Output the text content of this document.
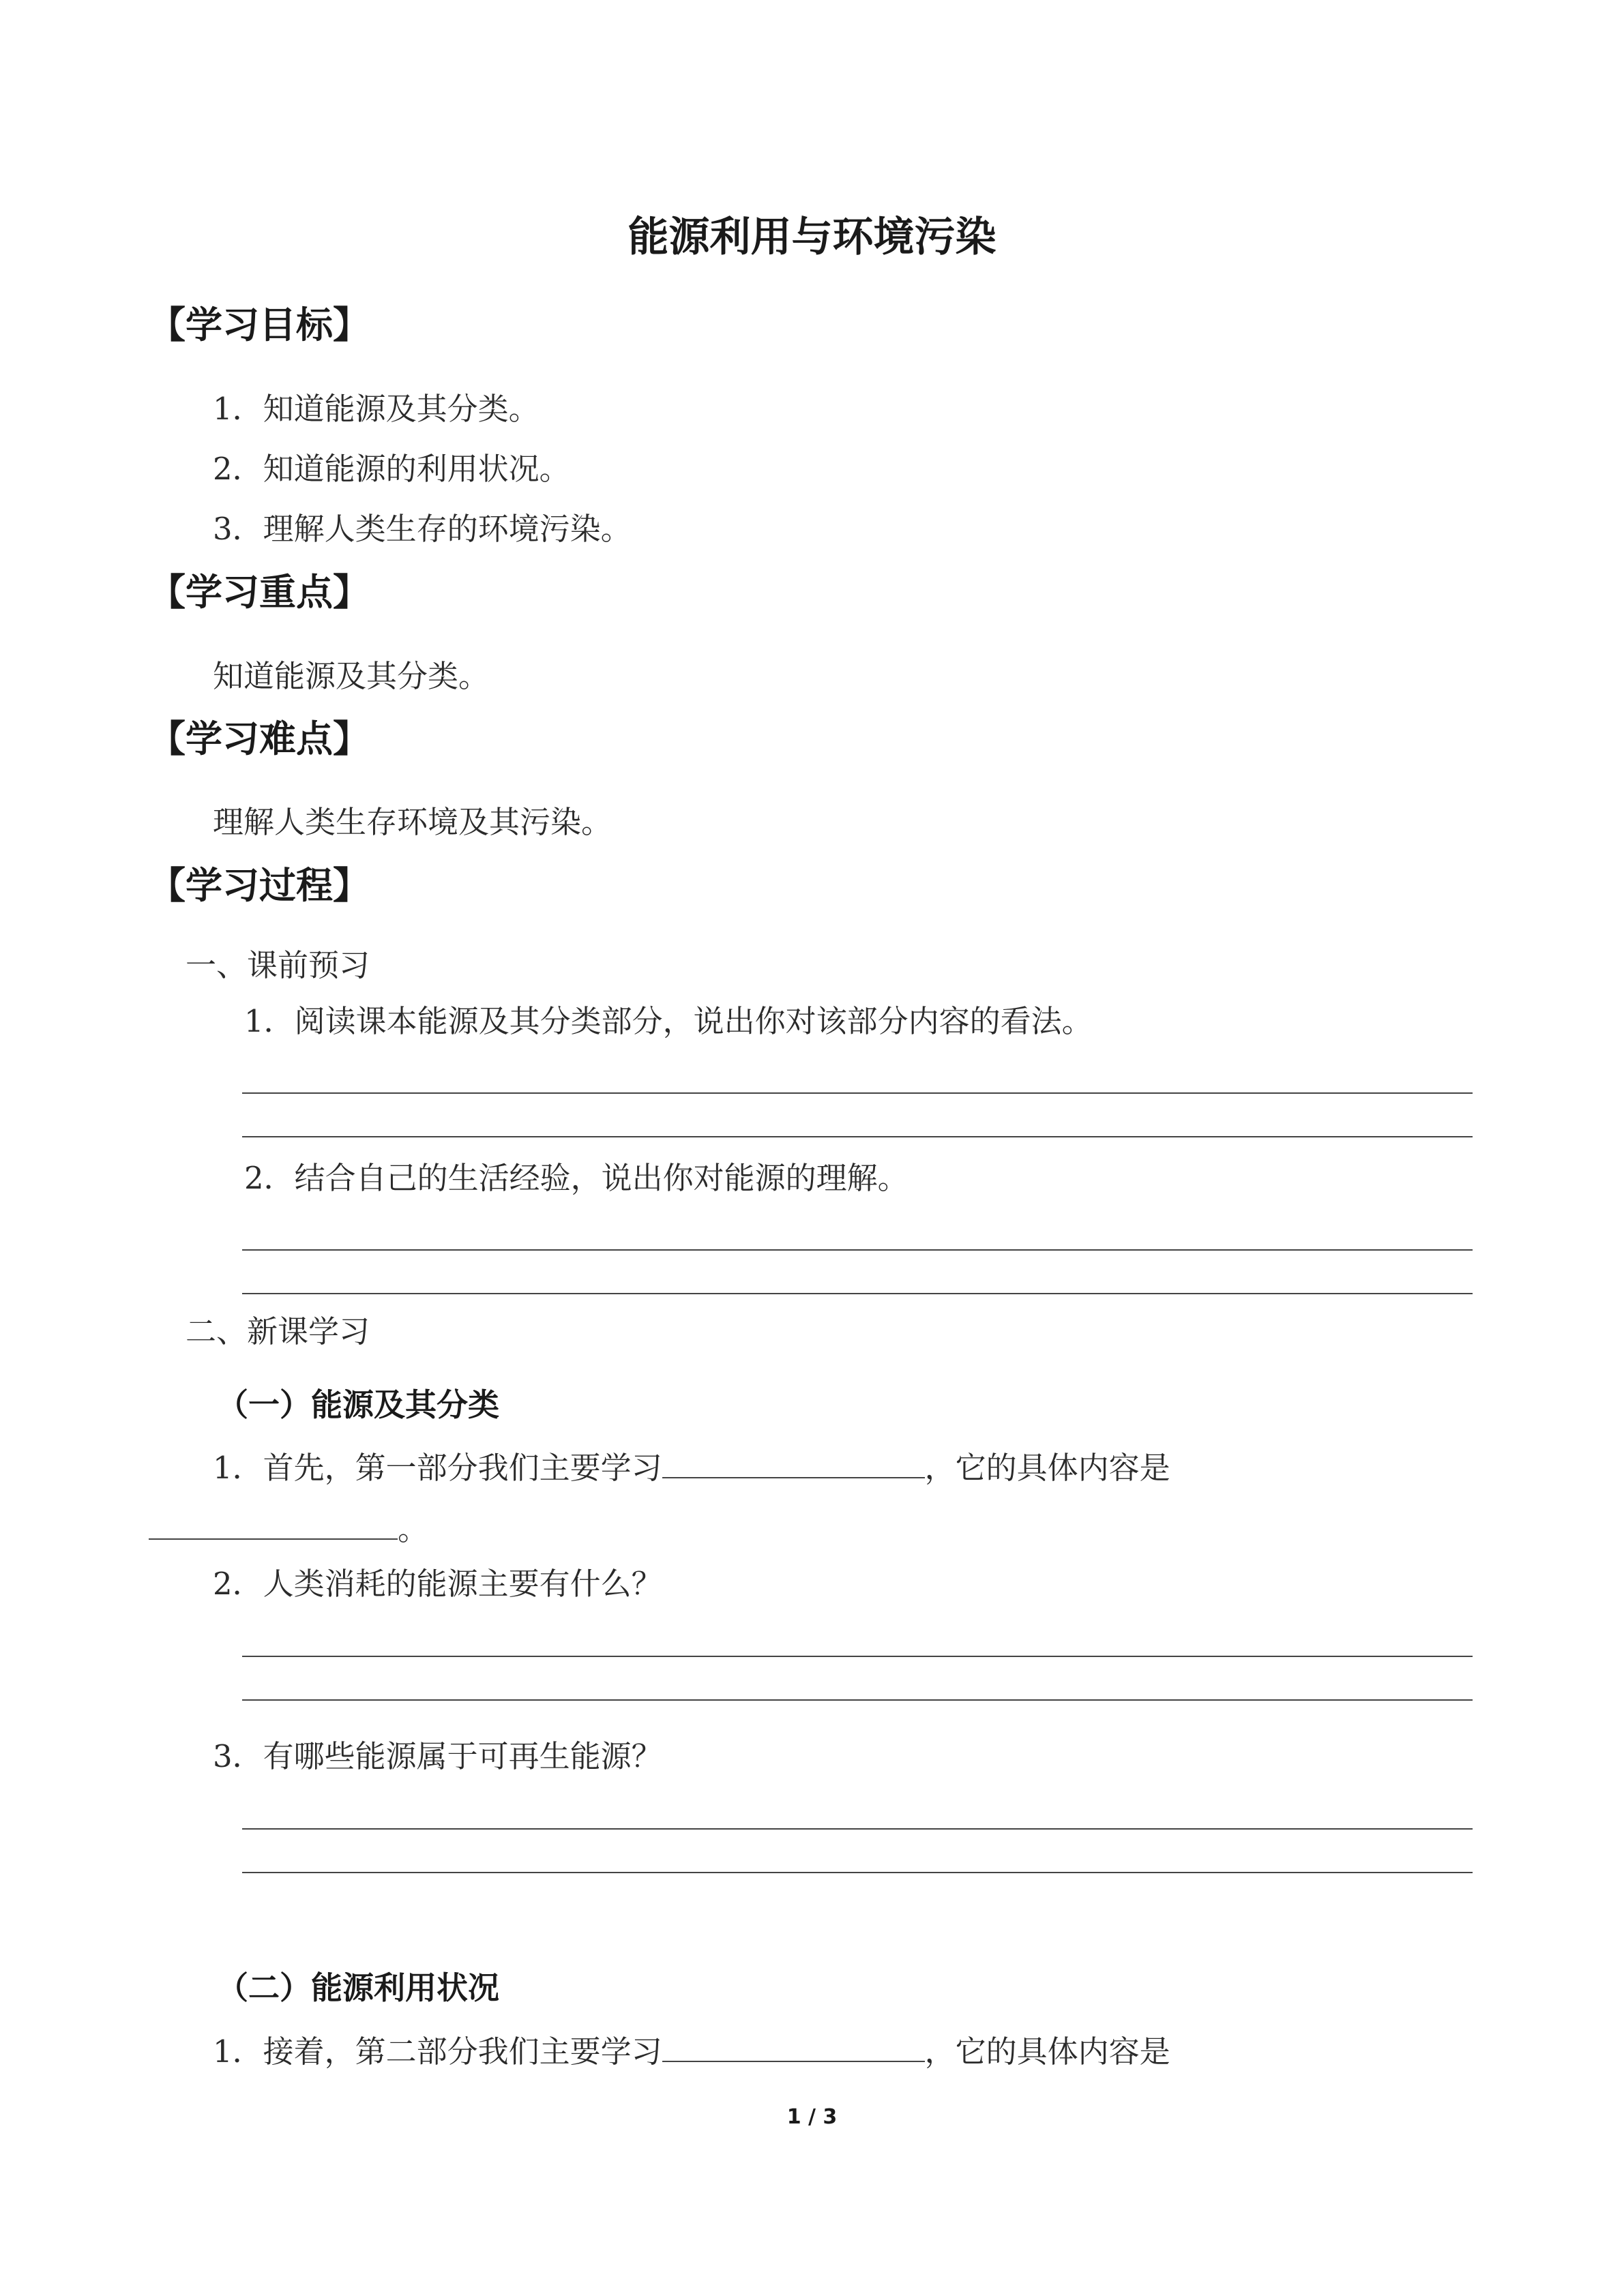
能源利用与环境污染
【学习目标】
1．知道能源及其分类。
2．知道能源的利用状况。
3．理解人类生存的环境污染。
【学习重点】
知道能源及其分类。
【学习难点】
理解人类生存环境及其污染。
【学习过程】
一、课前预习
1．阅读课本能源及其分类部分，说出你对该部分内容的看法。
2．结合自己的生活经验，说出你对能源的理解。
二、新课学习
（一）能源及其分类
1．首先，第一部分我们主要学习	，它的具体内容是
。
2．人类消耗的能源主要有什么？
3．有哪些能源属于可再生能源？
（二）能源利用状况
1．接着，第二部分我们主要学习	，它的具体内容是
1 / 3
